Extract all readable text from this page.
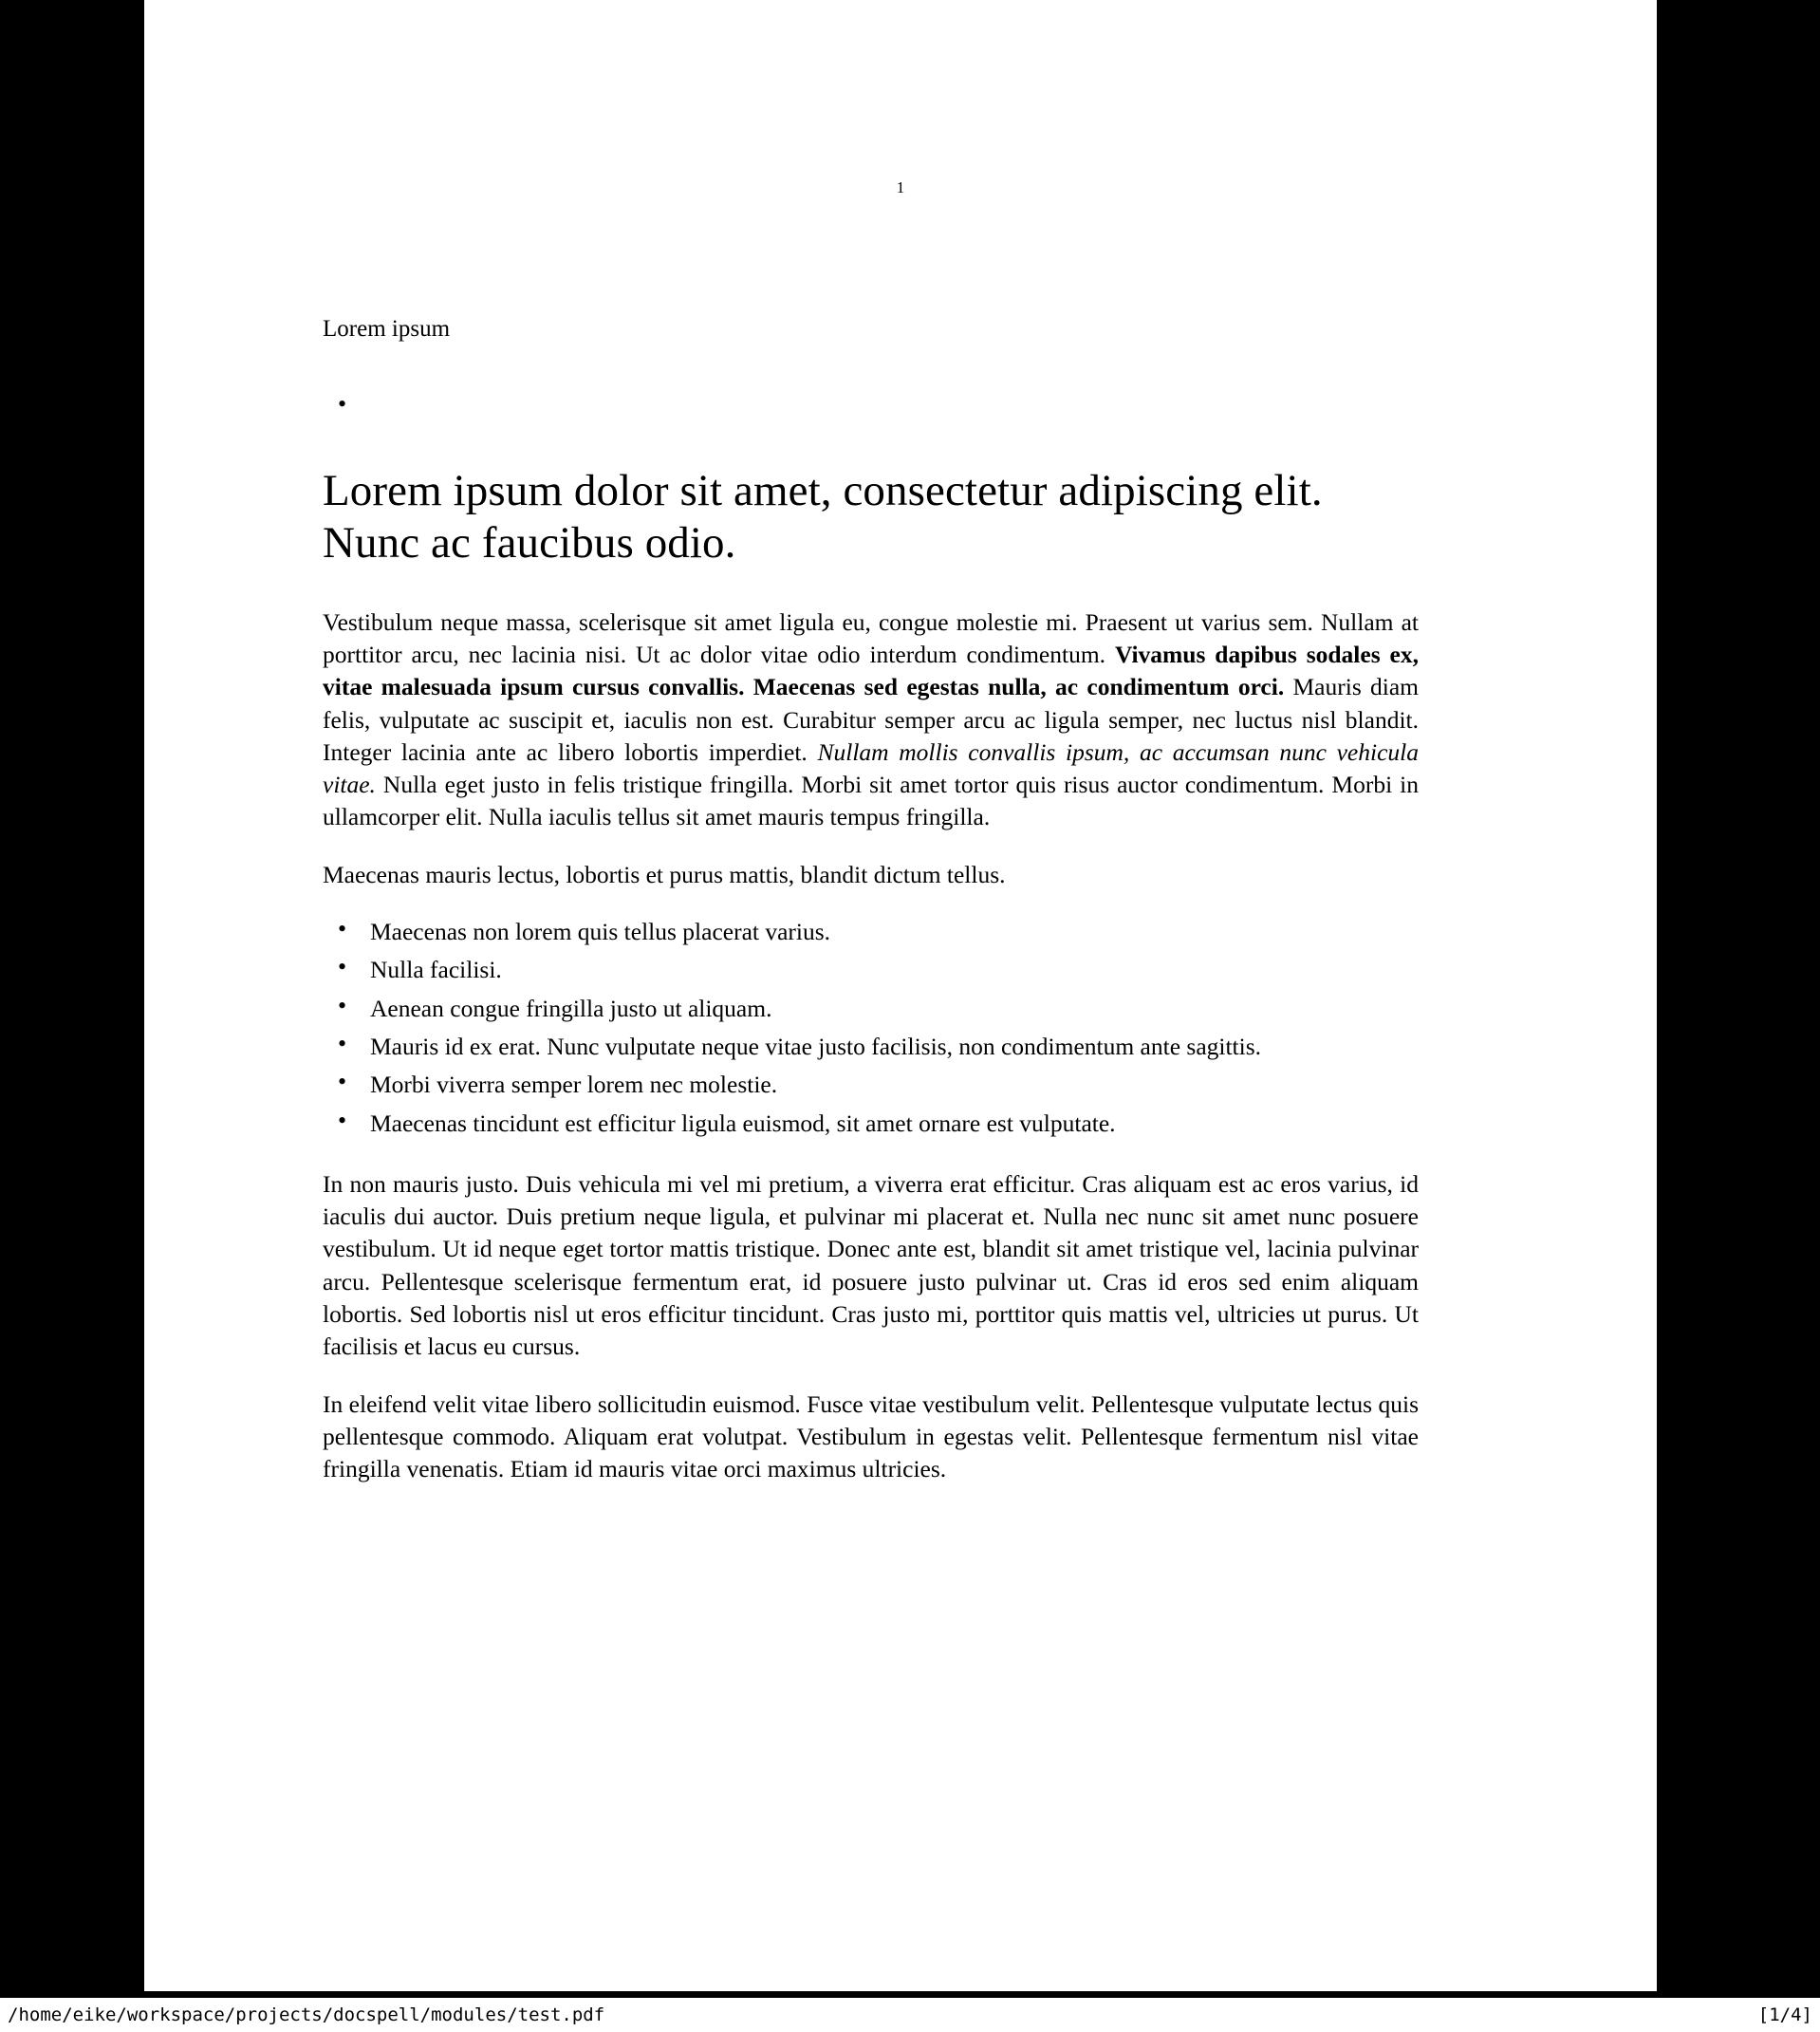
1
Lorem ipsum
•
Lorem ipsum dolor sit amet, consectetur adipiscing elit. Nunc ac faucibus odio.

Vestibulum neque massa, scelerisque sit amet ligula eu, congue molestie mi. Praesent ut varius sem. Nullam at porttitor arcu, nec lacinia nisi. Ut ac dolor vitae odio interdum condimentum. Vivamus dapibus sodales ex, vitae malesuada ipsum cursus convallis. Maecenas sed egestas nulla, ac condimentum orci. Mauris diam felis, vulputate ac suscipit et, iaculis non est. Curabitur semper arcu ac ligula semper, nec luctus nisl blandit. Integer lacinia ante ac libero lobortis imperdiet. Nullam mollis convallis ipsum, ac accumsan nunc vehicula vitae. Nulla eget justo in felis tristique fringilla. Morbi sit amet tortor quis risus auctor condimentum. Morbi in ullamcorper elit. Nulla iaculis tellus sit amet mauris tempus fringilla.

Maecenas mauris lectus, lobortis et purus mattis, blandit dictum tellus.

• Maecenas non lorem quis tellus placerat varius.
• Nulla facilisi.
• Aenean congue fringilla justo ut aliquam.
• Mauris id ex erat. Nunc vulputate neque vitae justo facilisis, non condimentum ante sagittis.
• Morbi viverra semper lorem nec molestie.
• Maecenas tincidunt est efficitur ligula euismod, sit amet ornare est vulputate.

In non mauris justo. Duis vehicula mi vel mi pretium, a viverra erat efficitur. Cras aliquam est ac eros varius, id iaculis dui auctor. Duis pretium neque ligula, et pulvinar mi placerat et. Nulla nec nunc sit amet nunc posuere vestibulum. Ut id neque eget tortor mattis tristique. Donec ante est, blandit sit amet tristique vel, lacinia pulvinar arcu. Pellentesque scelerisque fermentum erat, id posuere justo pulvinar ut. Cras id eros sed enim aliquam lobortis. Sed lobortis nisl ut eros efficitur tincidunt. Cras justo mi, porttitor quis mattis vel, ultricies ut purus. Ut facilisis et lacus eu cursus.

In eleifend velit vitae libero sollicitudin euismod. Fusce vitae vestibulum velit. Pellentesque vulputate lectus quis pellentesque commodo. Aliquam erat volutpat. Vestibulum in egestas velit. Pellentesque fermentum nisl vitae fringilla venenatis. Etiam id mauris vitae orci maximus ultricies.

/home/eike/workspace/projects/docspell/modules/test.pdf	[1/4]
